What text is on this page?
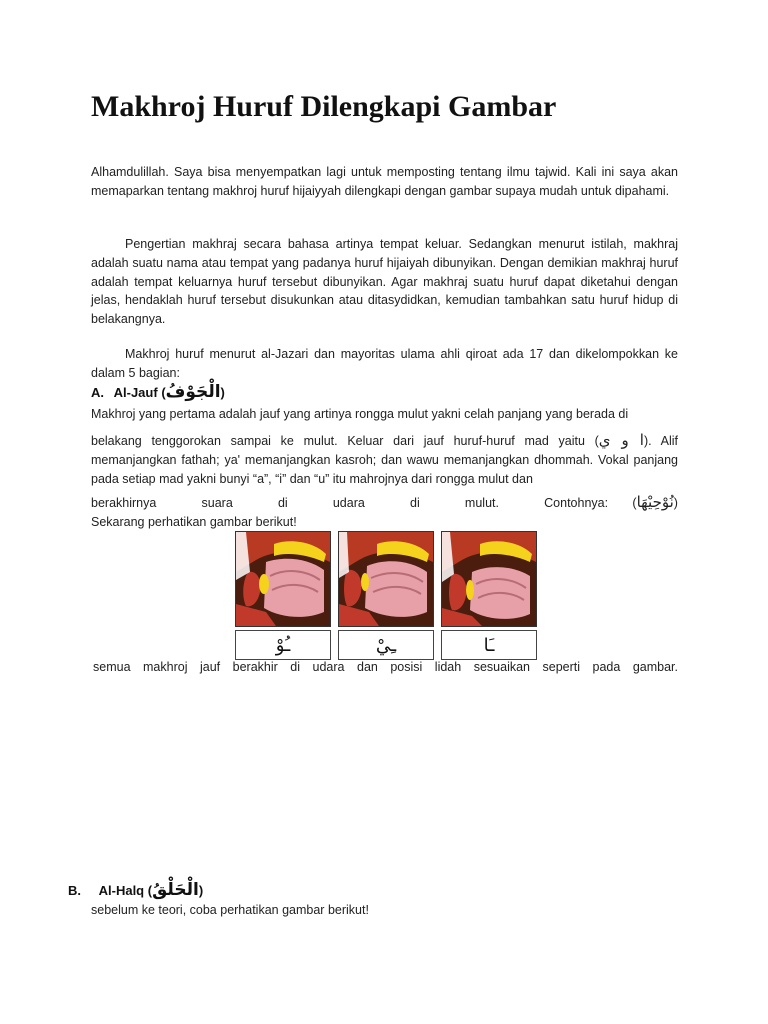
Makhroj Huruf Dilengkapi Gambar

Alhamdulillah. Saya bisa menyempatkan lagi untuk memposting tentang ilmu tajwid. Kali ini saya akan memaparkan tentang makhroj huruf hijaiyyah dilengkapi dengan gambar supaya mudah untuk dipahami.

Pengertian makhraj secara bahasa artinya tempat keluar. Sedangkan menurut istilah, makhraj adalah suatu nama atau tempat yang padanya huruf hijaiyah dibunyikan. Dengan demikian makhraj huruf adalah tempat keluarnya huruf tersebut dibunyikan. Agar makhraj suatu huruf dapat diketahui dengan jelas, hendaklah huruf tersebut disukunkan atau ditasydidkan, kemudian tambahkan satu huruf hidup di belakangnya.

Makhroj huruf menurut al-Jazari dan mayoritas ulama ahli qiroat ada 17 dan dikelompokkan ke dalam 5 bagian:

A. Al-Jauf (الْجَوْفُ)

Makhroj yang pertama adalah jauf yang artinya rongga mulut yakni celah panjang yang berada di

belakang tenggorokan sampai ke mulut. Keluar dari jauf huruf-huruf mad yaitu (ا و ي). Alif memanjangkan fathah; ya' memanjangkan kasroh; dan wawu memanjangkan dhommah. Vokal panjang pada setiap mad yakni bunyi “a”, “i” dan “u” itu mahrojnya dari rongga mulut dan

berakhirnya	suara	di	udara	di	mulut.	Contohnya:       (نُوْحِيْهَا)

Sekarang perhatikan gambar berikut!

ـُوْ	ـِيْ	ـَا

semua makhroj jauf berakhir di udara dan posisi lidah sesuaikan seperti pada gambar.

B. Al-Halq (الْحَلْقُ)

sebelum ke teori, coba perhatikan gambar berikut!
